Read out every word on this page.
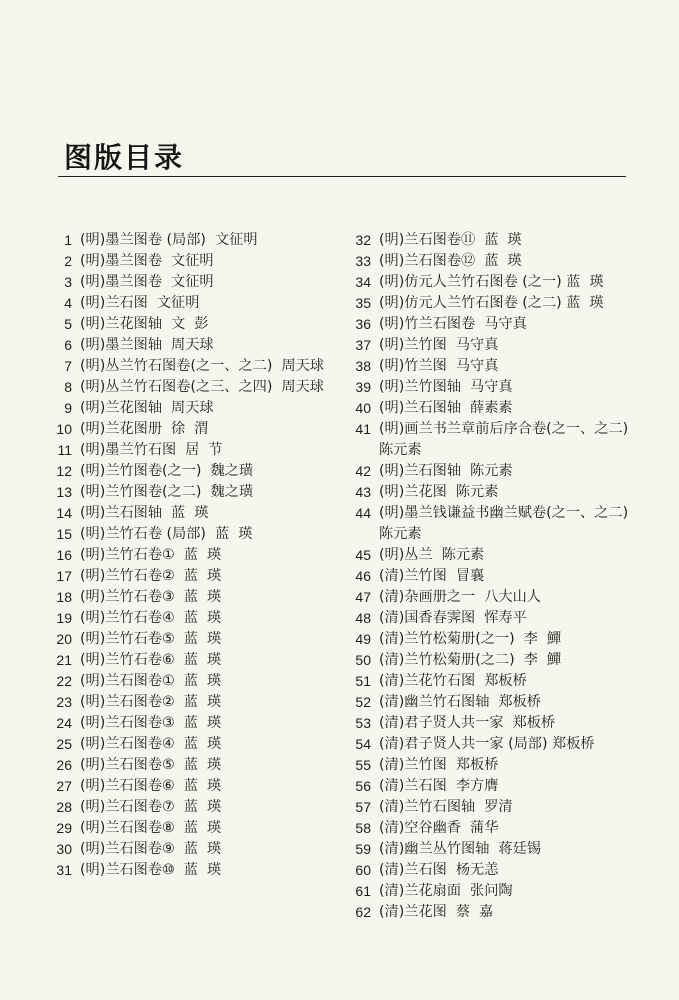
图版目录
1 (明)墨兰图卷 (局部)  文征明
2 (明)墨兰图卷  文征明
3 (明)墨兰图卷  文征明
4 (明)兰石图  文征明
5 (明)兰花图轴  文  彭
6 (明)墨兰图轴  周天球
7 (明)丛兰竹石图卷(之一、之二)  周天球
8 (明)丛兰竹石图卷(之三、之四)  周天球
9 (明)兰花图轴  周天球
10 (明)兰花图册  徐  渭
11 (明)墨兰竹石图  居  节
12 (明)兰竹图卷(之一)  魏之璜
13 (明)兰竹图卷(之二)  魏之璜
14 (明)兰石图轴  蓝  瑛
15 (明)兰竹石卷 (局部)  蓝  瑛
16 (明)兰竹石卷①  蓝  瑛
17 (明)兰竹石卷②  蓝  瑛
18 (明)兰竹石卷③  蓝  瑛
19 (明)兰竹石卷④  蓝  瑛
20 (明)兰竹石卷⑤  蓝  瑛
21 (明)兰竹石卷⑥  蓝  瑛
22 (明)兰石图卷①  蓝  瑛
23 (明)兰石图卷②  蓝  瑛
24 (明)兰石图卷③  蓝  瑛
25 (明)兰石图卷④  蓝  瑛
26 (明)兰石图卷⑤  蓝  瑛
27 (明)兰石图卷⑥  蓝  瑛
28 (明)兰石图卷⑦  蓝  瑛
29 (明)兰石图卷⑧  蓝  瑛
30 (明)兰石图卷⑨  蓝  瑛
31 (明)兰石图卷⑩  蓝  瑛
32 (明)兰石图卷⑪  蓝  瑛
33 (明)兰石图卷⑫  蓝  瑛
34 (明)仿元人兰竹石图卷 (之一) 蓝  瑛
35 (明)仿元人兰竹石图卷 (之二) 蓝  瑛
36 (明)竹兰石图卷  马守真
37 (明)兰竹图  马守真
38 (明)竹兰图  马守真
39 (明)兰竹图轴  马守真
40 (明)兰石图轴  薛素素
41 (明)画兰书兰章前后序合卷(之一、之二)  陈元素
42 (明)兰石图轴  陈元素
43 (明)兰花图  陈元素
44 (明)墨兰钱谦益书幽兰赋卷(之一、之二)  陈元素
45 (明)丛兰  陈元素
46 (清)兰竹图  冒襄
47 (清)杂画册之一  八大山人
48 (清)国香春霁图  恽寿平
49 (清)兰竹松菊册(之一)  李  鱓
50 (清)兰竹松菊册(之二)  李  鱓
51 (清)兰花竹石图  郑板桥
52 (清)幽兰竹石图轴  郑板桥
53 (清)君子贤人共一家  郑板桥
54 (清)君子贤人共一家 (局部) 郑板桥
55 (清)兰竹图  郑板桥
56 (清)兰石图  李方膺
57 (清)兰竹石图轴  罗清
58 (清)空谷幽香  蒲华
59 (清)幽兰丛竹图轴  蒋廷锡
60 (清)兰石图  杨无恙
61 (清)兰花扇面  张问陶
62 (清)兰花图  蔡  嘉
